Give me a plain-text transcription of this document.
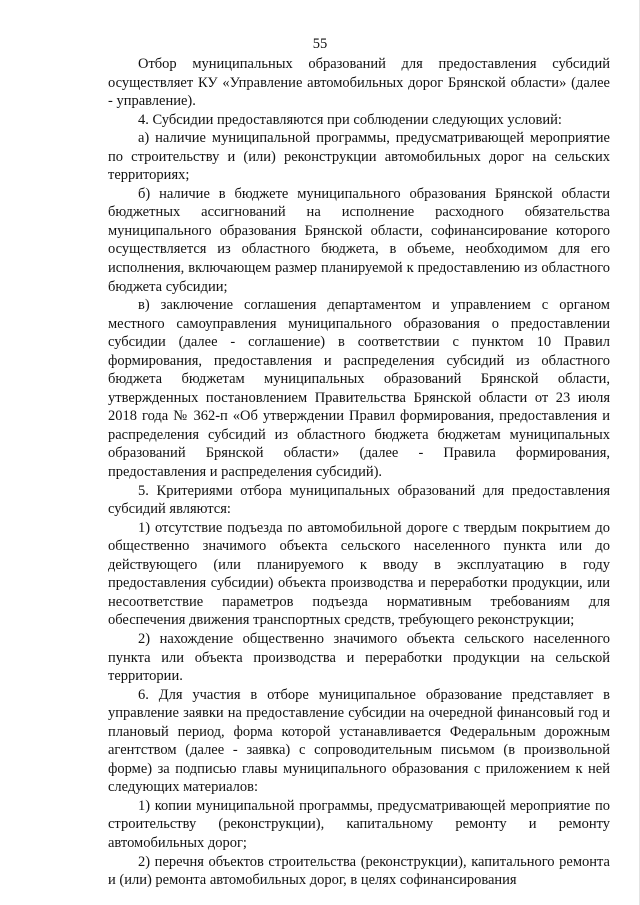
55

Отбор муниципальных образований для предоставления субсидий осуществляет КУ «Управление автомобильных дорог Брянской области» (далее - управление).

4. Субсидии предоставляются при соблюдении следующих условий:

а) наличие муниципальной программы, предусматривающей мероприятие по строительству и (или) реконструкции автомобильных дорог на сельских территориях;

б) наличие в бюджете муниципального образования Брянской области бюджетных ассигнований на исполнение расходного обязательства муниципального образования Брянской области, софинансирование которого осуществляется из областного бюджета, в объеме, необходимом для его исполнения, включающем размер планируемой к предоставлению из областного бюджета субсидии;

в) заключение соглашения департаментом и управлением с органом местного самоуправления муниципального образования о предоставлении субсидии (далее - соглашение) в соответствии с пунктом 10 Правил формирования, предоставления и распределения субсидий из областного бюджета бюджетам муниципальных образований Брянской области, утвержденных постановлением Правительства Брянской области от 23 июля 2018 года № 362-п «Об утверждении Правил формирования, предоставления и распределения субсидий из областного бюджета бюджетам муниципальных образований Брянской области» (далее - Правила формирования, предоставления и распределения субсидий).

5. Критериями отбора муниципальных образований для предоставления субсидий являются:

1) отсутствие подъезда по автомобильной дороге с твердым покрытием до общественно значимого объекта сельского населенного пункта или до действующего (или планируемого к вводу в эксплуатацию в году предоставления субсидии) объекта производства и переработки продукции, или несоответствие параметров подъезда нормативным требованиям для обеспечения движения транспортных средств, требующего реконструкции;

2) нахождение общественно значимого объекта сельского населенного пункта или объекта производства и переработки продукции на сельской территории.

6. Для участия в отборе муниципальное образование представляет в управление заявки на предоставление субсидии на очередной финансовый год и плановый период, форма которой устанавливается Федеральным дорожным агентством (далее - заявка) с сопроводительным письмом (в произвольной форме) за подписью главы муниципального образования с приложением к ней следующих материалов:

1) копии муниципальной программы, предусматривающей мероприятие по строительству (реконструкции), капитальному ремонту и ремонту автомобильных дорог;

2) перечня объектов строительства (реконструкции), капитального ремонта и (или) ремонта автомобильных дорог, в целях софинансирования
